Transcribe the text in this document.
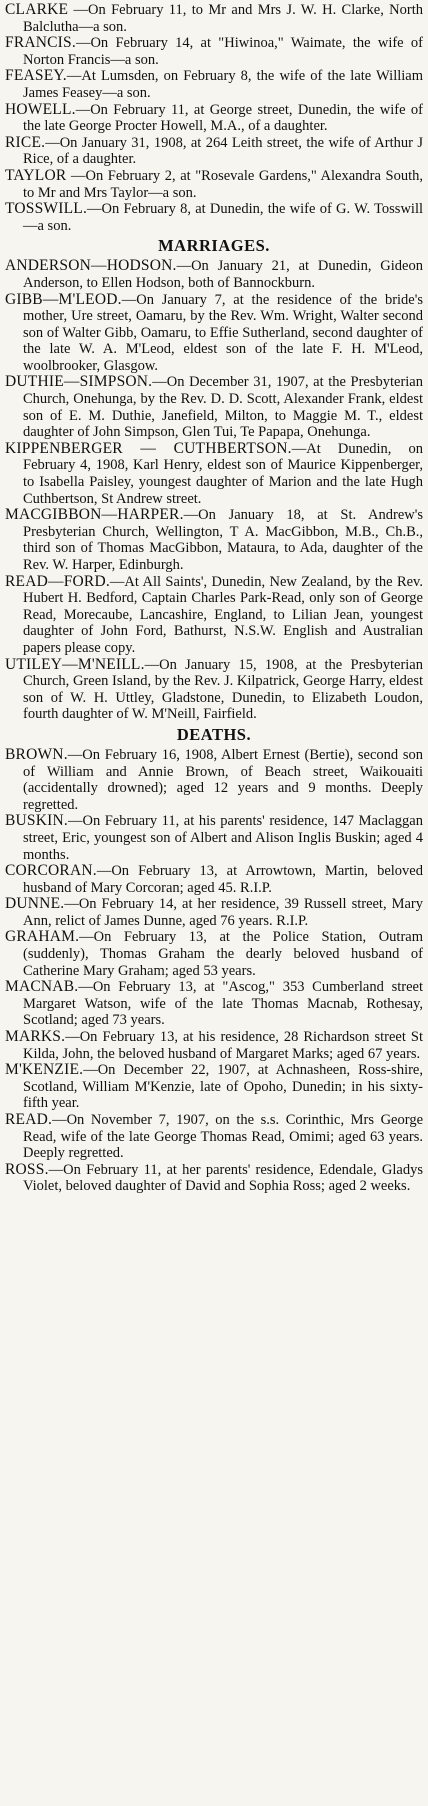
CLARKE —On February 11, to Mr and Mrs J. W. H. Clarke, North Balclutha—a son.

FRANCIS.—On February 14, at "Hiwinoa," Waimate, the wife of Norton Francis—a son.

FEASEY.—At Lumsden, on February 8, the wife of the late William James Feasey—a son.

HOWELL.—On February 11, at George street, Dunedin, the wife of the late George Procter Howell, M.A., of a daughter.

RICE.—On January 31, 1908, at 264 Leith street, the wife of Arthur J Rice, of a daughter.

TAYLOR —On February 2, at "Rosevale Gardens," Alexandra South, to Mr and Mrs Taylor—a son.

TOSSWILL.—On February 8, at Dunedin, the wife of G. W. Tosswill—a son.

MARRIAGES.

ANDERSON—HODSON.—On January 21, at Dunedin, Gideon Anderson, to Ellen Hodson, both of Bannockburn.

GIBB—M'LEOD.—On January 7, at the residence of the bride's mother, Ure street, Oamaru, by the Rev. Wm. Wright, Walter second son of Walter Gibb, Oamaru, to Effie Sutherland, second daughter of the late W. A. M'Leod, eldest son of the late F. H. M'Leod, woolbrooker, Glasgow.

DUTHIE—SIMPSON.—On December 31, 1907, at the Presbyterian Church, Onehunga, by the Rev. D. D. Scott, Alexander Frank, eldest son of E. M. Duthie, Janefield, Milton, to Maggie M. T., eldest daughter of John Simpson, Glen Tui, Te Papapa, Onehunga.

KIPPENBERGER — CUTHBERTSON.—At Dunedin, on February 4, 1908, Karl Henry, eldest son of Maurice Kippenberger, to Isabella Paisley, youngest daughter of Marion and the late Hugh Cuthbertson, St Andrew street.

MACGIBBON—HARPER.—On January 18, at St. Andrew's Presbyterian Church, Wellington, T A. MacGibbon, M.B., Ch.B., third son of Thomas MacGibbon, Mataura, to Ada, daughter of the Rev. W. Harper, Edinburgh.

READ—FORD.—At All Saints', Dunedin, New Zealand, by the Rev. Hubert H. Bedford, Captain Charles Park-Read, only son of George Read, Morecaube, Lancashire, England, to Lilian Jean, youngest daughter of John Ford, Bathurst, N.S.W. English and Australian papers please copy.

UTILEY—M'NEILL.—On January 15, 1908, at the Presbyterian Church, Green Island, by the Rev. J. Kilpatrick, George Harry, eldest son of W. H. Uttley, Gladstone, Dunedin, to Elizabeth Loudon, fourth daughter of W. M'Neill, Fairfield.

DEATHS.

BROWN.—On February 16, 1908, Albert Ernest (Bertie), second son of William and Annie Brown, of Beach street, Waikouaiti (accidentally drowned); aged 12 years and 9 months. Deeply regretted.

BUSKIN.—On February 11, at his parents' residence, 147 Maclaggan street, Eric, youngest son of Albert and Alison Inglis Buskin; aged 4 months.

CORCORAN.—On February 13, at Arrowtown, Martin, beloved husband of Mary Corcoran; aged 45. R.I.P.

DUNNE.—On February 14, at her residence, 39 Russell street, Mary Ann, relict of James Dunne, aged 76 years. R.I.P.

GRAHAM.—On February 13, at the Police Station, Outram (suddenly), Thomas Graham the dearly beloved husband of Catherine Mary Graham; aged 53 years.

MACNAB.—On February 13, at "Ascog," 353 Cumberland street Margaret Watson, wife of the late Thomas Macnab, Rothesay, Scotland; aged 73 years.

MARKS.—On February 13, at his residence, 28 Richardson street St Kilda, John, the beloved husband of Margaret Marks; aged 67 years.

M'KENZIE.—On December 22, 1907, at Achnasheen, Ross-shire, Scotland, William M'Kenzie, late of Opoho, Dunedin; in his sixty-fifth year.

READ.—On November 7, 1907, on the s.s. Corinthic, Mrs George Read, wife of the late George Thomas Read, Omimi; aged 63 years. Deeply regretted.

ROSS.—On February 11, at her parents' residence, Edendale, Gladys Violet, beloved daughter of David and Sophia Ross; aged 2 weeks.
